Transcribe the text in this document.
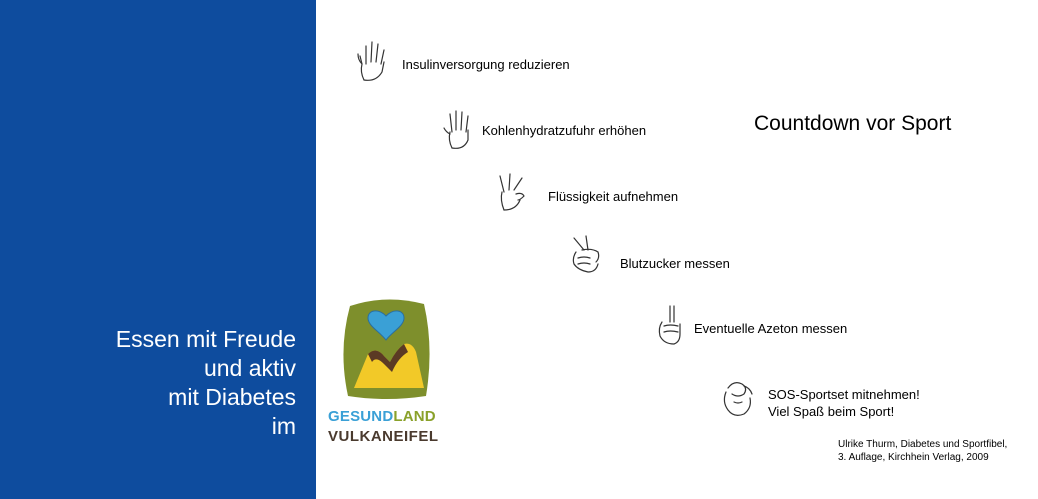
Essen mit Freude
und aktiv
mit Diabetes
im GESUNDLAND
VULKANEIFEL
Countdown vor Sport
Insulinversorgung reduzieren
Kohlenhydratzufuhr erhöhen
Flüssigkeit aufnehmen
Blutzucker messen
Eventuelle Azeton messen
SOS-Sportset mitnehmen!
Viel Spaß beim Sport!
Ulrike Thurm, Diabetes und Sportfibel,
3. Auflage, Kirchhein Verlag, 2009
